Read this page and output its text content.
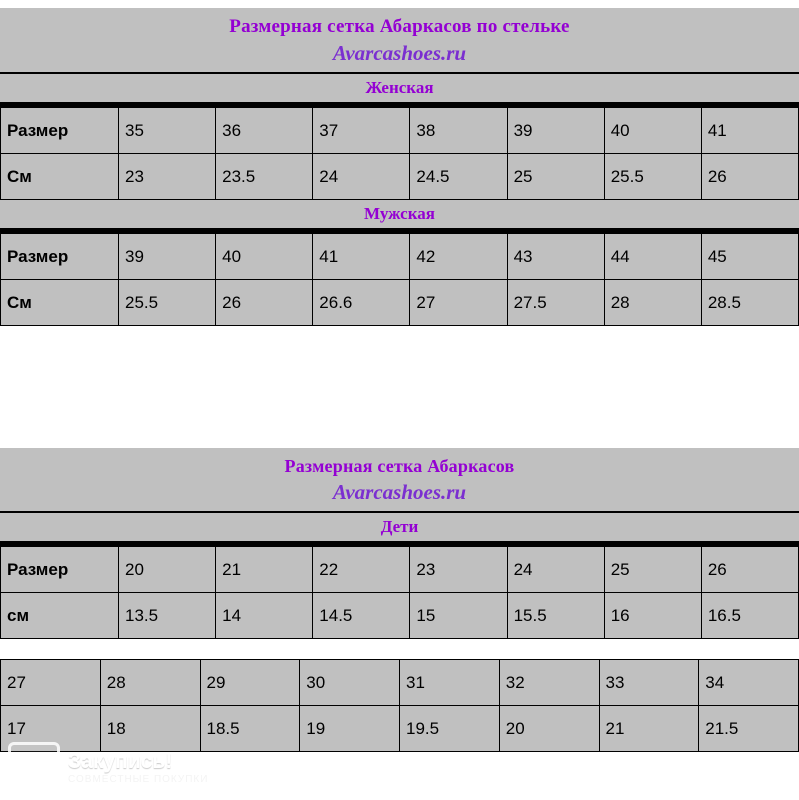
Размерная сетка Абаркасов по стельке
Avarcashoes.ru
Женская
Размер	35	36	37	38	39	40	41
См	23	23.5	24	24.5	25	25.5	26
Мужская
Размер	39	40	41	42	43	44	45
См	25.5	26	26.6	27	27.5	28	28.5
Размерная сетка Абаркасов
Avarcashoes.ru
Дети
Размер	20	21	22	23	24	25	26
см	13.5	14	14.5	15	15.5	16	16.5
27	28	29	30	31	32	33	34
17	18	18.5	19	19.5	20	21	21.5
Z	Закупись!
СОВМЕСТНЫЕ ПОКУПКИ
